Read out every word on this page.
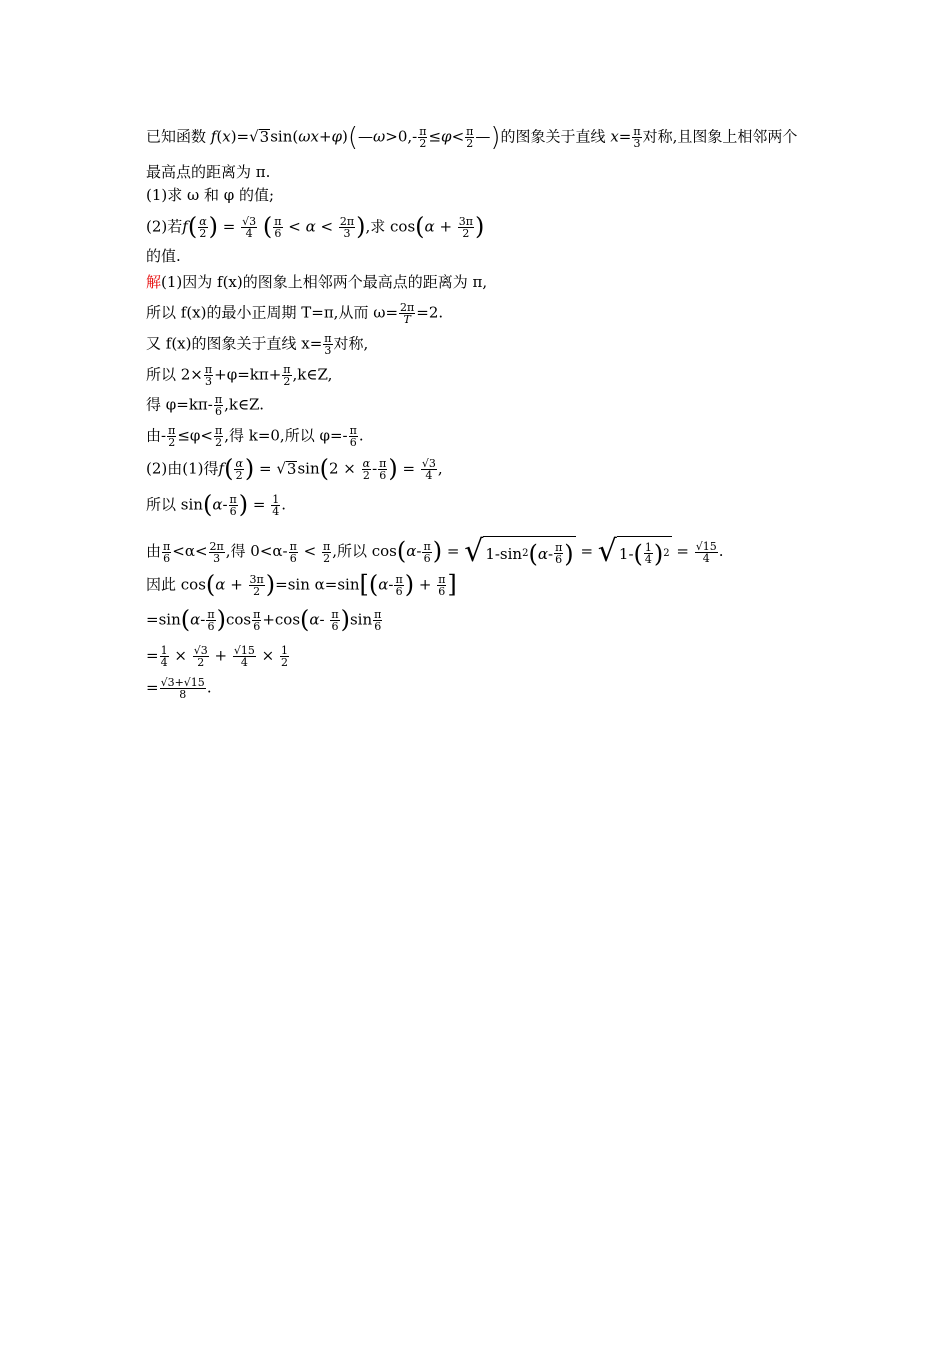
已知函数 f(x)=√3sin(ωx+φ)(—ω>0,- $\frac{\pi}{2} \le\varphi< \frac{\pi}{2}$ —)的图象关于直线 $x= \frac{\pi}{3}$ 对称,且图象上相邻两个
最高点的距离为 π.
(1)求 ω 和 φ 的值;
(2)若$f( \frac{\alpha}{2}$ ) = $\frac{√3}{4}$ ( $\frac{\pi}{6} < \alpha < \frac{2\pi}{3}$ ),求 $\cos(\alpha + \frac{3\pi}{2}$ )
的值.
解(1)因为 f(x)的图象上相邻两个最高点的距离为 π,
所以 f(x)的最小正周期 T=π,从而 $\omega= \frac{2\pi}{T} =2$.
又 f(x)的图象关于直线 $x= \frac{\pi}{3}$ 对称,
所以 $2\times \frac{\pi}{3} +\varphi=k\pi+ \frac{\pi}{2}$ ,k∈Z,
得 $\varphi=k\pi- \frac{\pi}{6}$ ,k∈Z.
由- $\frac{\pi}{2} \le\varphi< \frac{\pi}{2}$ ,得 k=0,所以 $\varphi=- \frac{\pi}{6}$ .
(2)由(1)得$f( \frac{\alpha}{2}$ ) = $√3\sin(2 \times \frac{\alpha}{2} - \frac{\pi}{6}$ ) = $\frac{√3}{4}$ ,
所以 $\sin(\alpha- \frac{\pi}{6}$ ) = $\frac{1}{4}$ .
由 $\frac{\pi}{6} <\alpha< \frac{2\pi}{3}$ ,得 $0<\alpha- \frac{\pi}{6} < \frac{\pi}{2}$ ,所以 $\cos(\alpha- \frac{\pi}{6}$ ) = √ 1-sin 2 ( α - π
6 ) = √ 1- ( 1
4 ) $2 = \frac{√15}{4}$ .
因此 $\cos(\alpha + \frac{3\pi}{2} )=\sin$ $\alpha=\sin[(\alpha- \frac{\pi}{6}$ ) + $\frac{\pi}{6}$ ]
$=\sin(\alpha- \frac{\pi}{6} )\cos \frac{\pi}{6} +\cos(\alpha- \frac{\pi}{6} )\sin \frac{\pi}{6}$
= $\frac{1}{4} \times \frac{√3}{2} + \frac{√15}{4} \times \frac{1}{2}$
= $\frac{√3+√15}{8}$ .
